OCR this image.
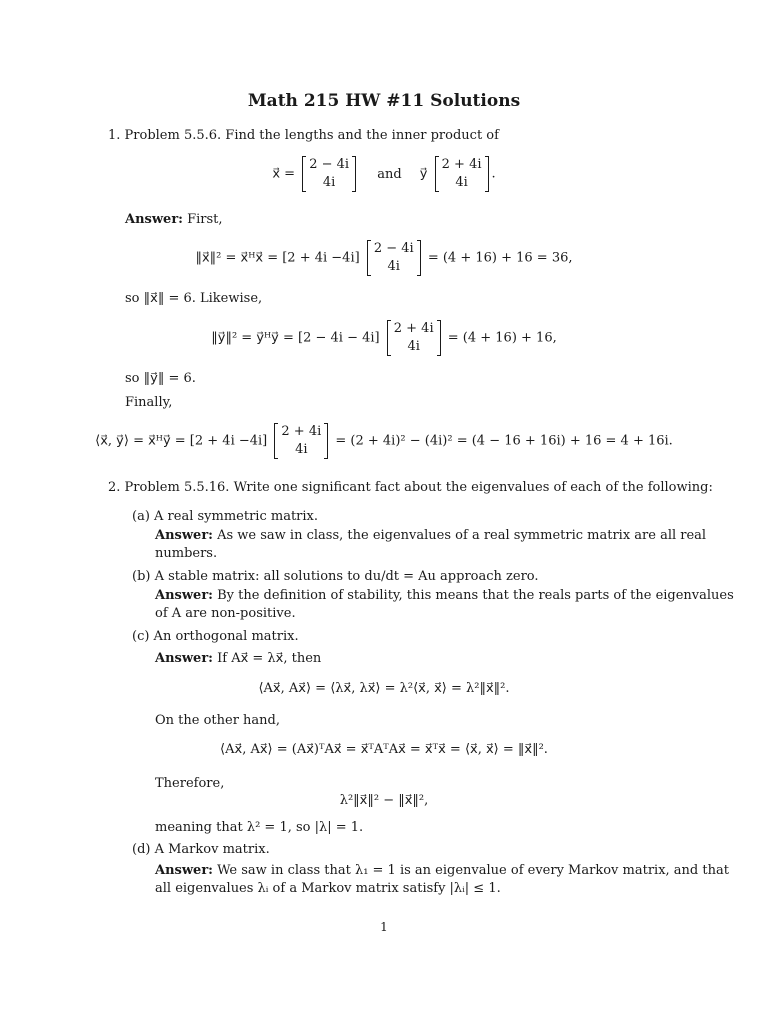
Math 215 HW #11 Solutions
1. Problem 5.5.6. Find the lengths and the inner product of
x⃗ =
2 − 4i
4i
and y⃗
2 + 4i
4i
.
Answer: First,
‖x⃗‖² = x⃗ᴴx⃗ = [2 + 4i −4i]
2 − 4i
4i
= (4 + 16) + 16 = 36,
so ‖x⃗‖ = 6. Likewise,
‖y⃗‖² = y⃗ᴴy⃗ = [2 − 4i − 4i]
2 + 4i
4i
= (4 + 16) + 16,
so ‖y⃗‖ = 6.
Finally,
⟨x⃗, y⃗⟩ = x⃗ᴴy⃗ = [2 + 4i −4i]
2 + 4i
4i
= (2 + 4i)² − (4i)² = (4 − 16 + 16i) + 16 = 4 + 16i.
2. Problem 5.5.16. Write one significant fact about the eigenvalues of each of the following:
(a) A real symmetric matrix.
Answer: As we saw in class, the eigenvalues of a real symmetric matrix are all real
numbers.
(b) A stable matrix: all solutions to du/dt = Au approach zero.
Answer: By the definition of stability, this means that the reals parts of the eigenvalues
of A are non-positive.
(c) An orthogonal matrix.
Answer: If Ax⃗ = λx⃗, then
⟨Ax⃗, Ax⃗⟩ = ⟨λx⃗, λx⃗⟩ = λ²⟨x⃗, x⃗⟩ = λ²‖x⃗‖².
On the other hand,
⟨Ax⃗, Ax⃗⟩ = (Ax⃗)ᵀAx⃗ = x⃗ᵀAᵀAx⃗ = x⃗ᵀx⃗ = ⟨x⃗, x⃗⟩ = ‖x⃗‖².
Therefore,
λ²‖x⃗‖² − ‖x⃗‖²,
meaning that λ² = 1, so |λ| = 1.
(d) A Markov matrix.
Answer: We saw in class that λ₁ = 1 is an eigenvalue of every Markov matrix, and that
all eigenvalues λᵢ of a Markov matrix satisfy |λᵢ| ≤ 1.
1
